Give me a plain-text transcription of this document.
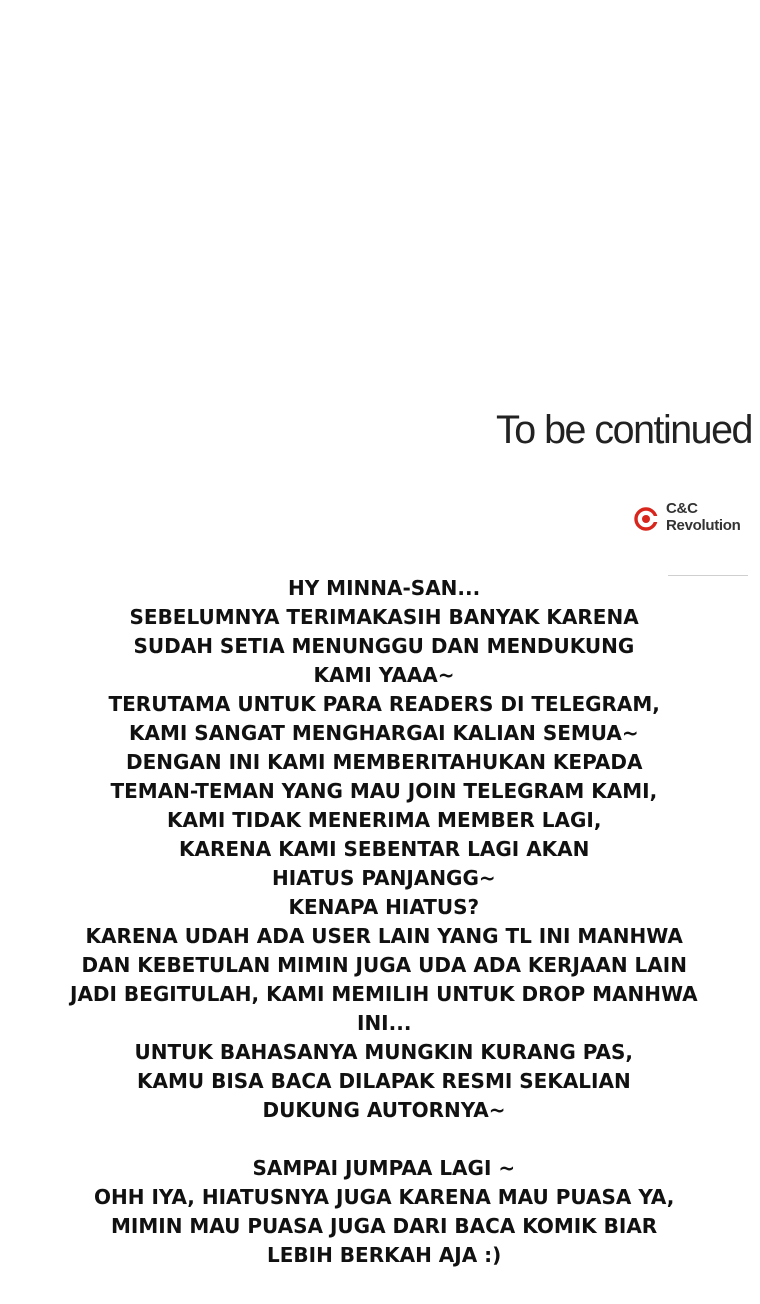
To be continued
C&C
Revolution
HY MINNA-SAN...
SEBELUMNYA TERIMAKASIH BANYAK KARENA
SUDAH SETIA MENUNGGU DAN MENDUKUNG
KAMI YAAA~
TERUTAMA UNTUK PARA READERS DI TELEGRAM,
KAMI SANGAT MENGHARGAI KALIAN SEMUA~
DENGAN INI KAMI MEMBERITAHUKAN KEPADA
TEMAN-TEMAN YANG MAU JOIN TELEGRAM KAMI,
KAMI TIDAK MENERIMA MEMBER LAGI,
KARENA KAMI SEBENTAR LAGI AKAN
HIATUS PANJANGG~
KENAPA HIATUS?
KARENA UDAH ADA USER LAIN YANG TL INI MANHWA
DAN KEBETULAN MIMIN JUGA UDA ADA KERJAAN LAIN
JADI BEGITULAH, KAMI MEMILIH UNTUK DROP MANHWA
INI...
UNTUK BAHASANYA MUNGKIN KURANG PAS,
KAMU BISA BACA DILAPAK RESMI SEKALIAN
DUKUNG AUTORNYA~
SAMPAI JUMPAA LAGI ~
OHH IYA, HIATUSNYA JUGA KARENA MAU PUASA YA,
MIMIN MAU PUASA JUGA DARI BACA KOMIK BIAR
LEBIH BERKAH AJA :)
